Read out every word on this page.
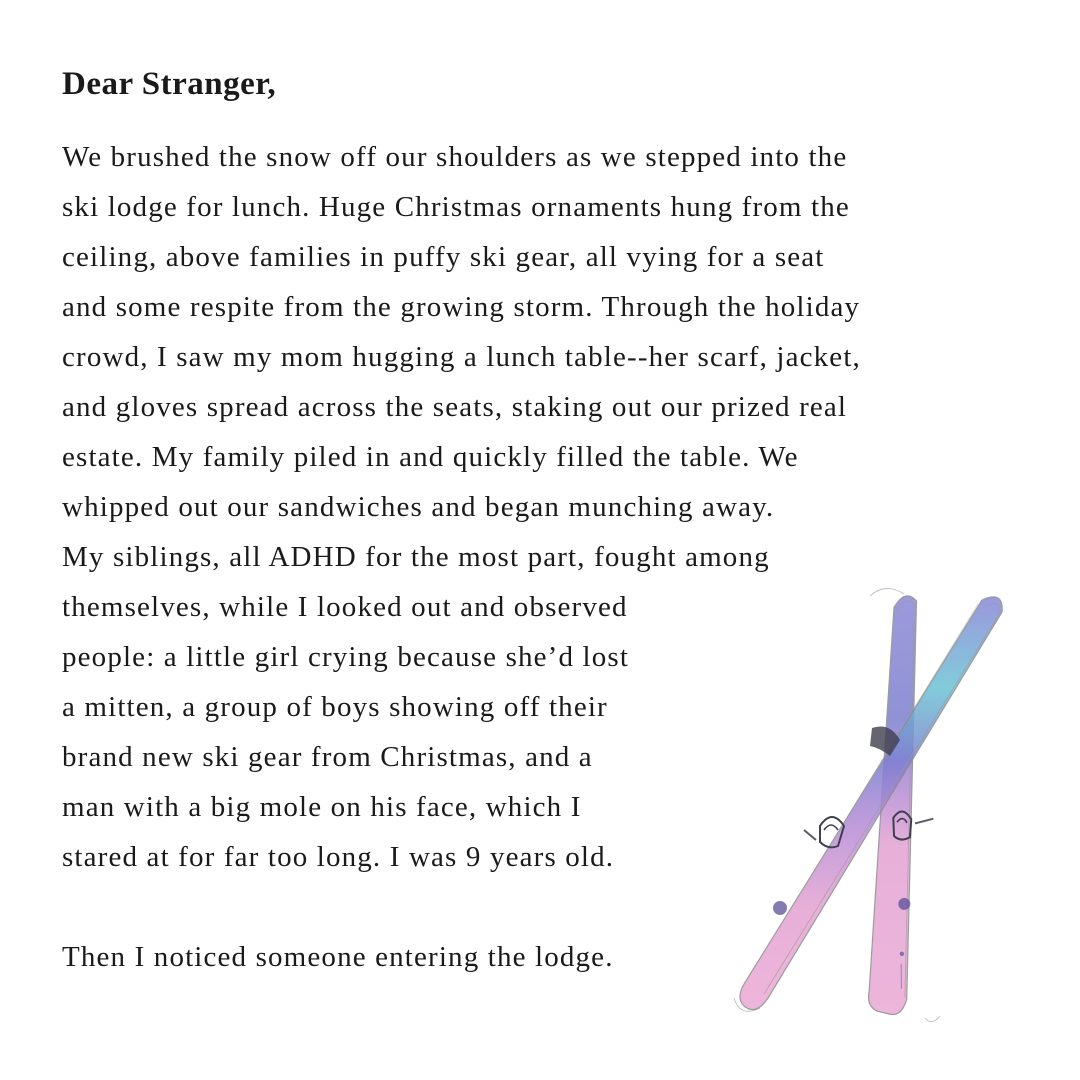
Dear Stranger,
We brushed the snow off our shoulders as we stepped into the
ski lodge for lunch. Huge Christmas ornaments hung from the
ceiling, above families in puffy ski gear, all vying for a seat
and some respite from the growing storm. Through the holiday
crowd, I saw my mom hugging a lunch table--her scarf, jacket,
and gloves spread across the seats, staking out our prized real
estate. My family piled in and quickly filled the table. We
whipped out our sandwiches and began munching away.
My siblings, all ADHD for the most part, fought among
themselves, while I looked out and observed
people: a little girl crying because she’d lost
a mitten, a group of boys showing off their
brand new ski gear from Christmas, and a
man with a big mole on his face, which I
stared at for far too long. I was 9 years old.

Then I noticed someone entering the lodge.
